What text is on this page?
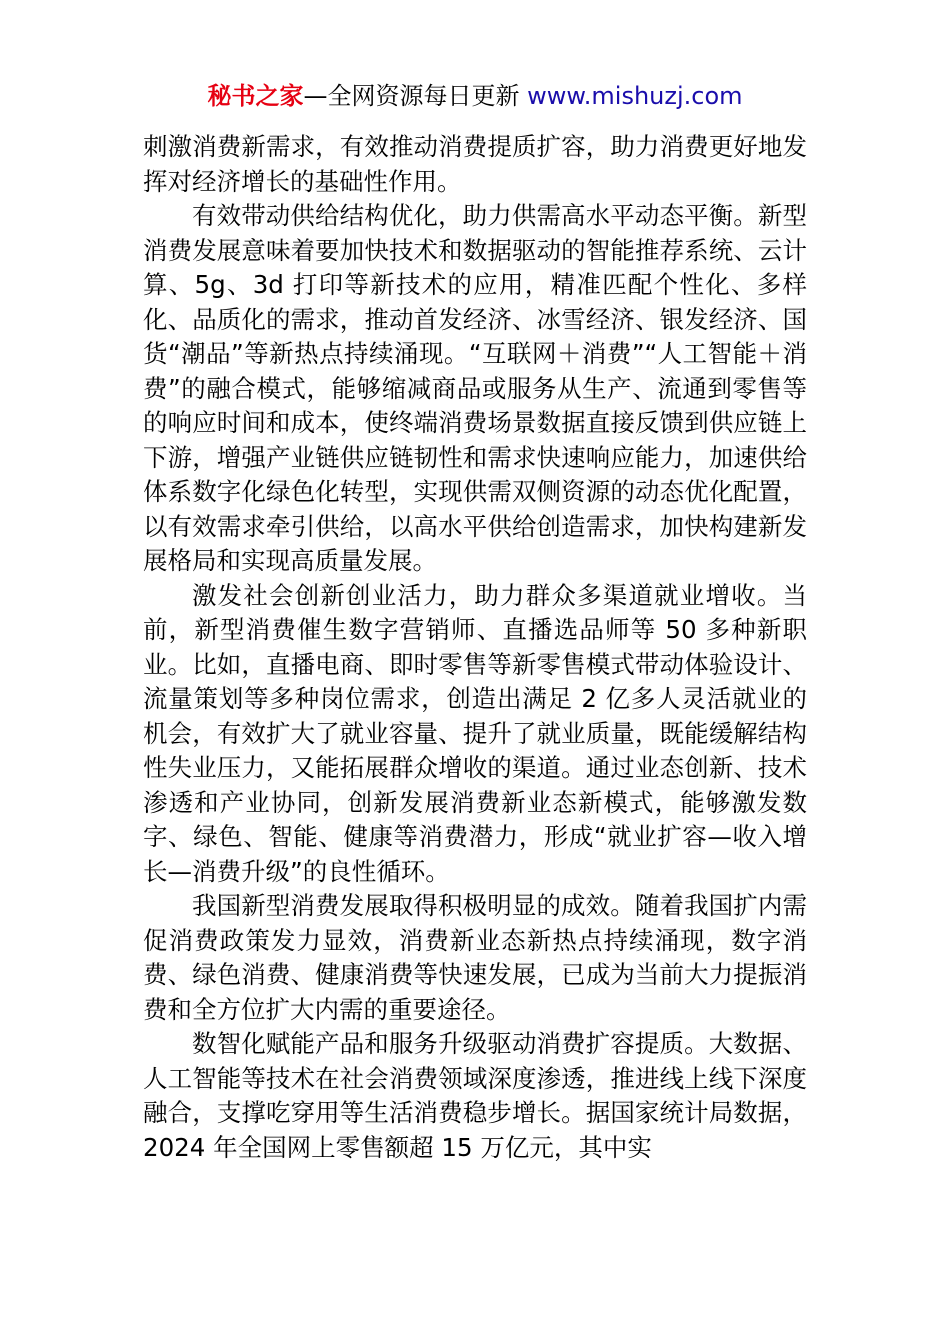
秘书之家—全网资源每日更新 www.mishuzj.com

刺激消费新需求，有效推动消费提质扩容，助力消费更好地发挥对经济增长的基础性作用。

有效带动供给结构优化，助力供需高水平动态平衡。新型消费发展意味着要加快技术和数据驱动的智能推荐系统、云计算、5g、3d 打印等新技术的应用，精准匹配个性化、多样化、品质化的需求，推动首发经济、冰雪经济、银发经济、国货“潮品”等新热点持续涌现。“互联网＋消费”“人工智能＋消费”的融合模式，能够缩减商品或服务从生产、流通到零售等的响应时间和成本，使终端消费场景数据直接反馈到供应链上下游，增强产业链供应链韧性和需求快速响应能力，加速供给体系数字化绿色化转型，实现供需双侧资源的动态优化配置，以有效需求牵引供给，以高水平供给创造需求，加快构建新发展格局和实现高质量发展。

激发社会创新创业活力，助力群众多渠道就业增收。当前，新型消费催生数字营销师、直播选品师等 50 多种新职业。比如，直播电商、即时零售等新零售模式带动体验设计、流量策划等多种岗位需求，创造出满足 2 亿多人灵活就业的机会，有效扩大了就业容量、提升了就业质量，既能缓解结构性失业压力，又能拓展群众增收的渠道。通过业态创新、技术渗透和产业协同，创新发展消费新业态新模式，能够激发数字、绿色、智能、健康等消费潜力，形成“就业扩容—收入增长—消费升级”的良性循环。

我国新型消费发展取得积极明显的成效。随着我国扩内需促消费政策发力显效，消费新业态新热点持续涌现，数字消费、绿色消费、健康消费等快速发展，已成为当前大力提振消费和全方位扩大内需的重要途径。

数智化赋能产品和服务升级驱动消费扩容提质。大数据、人工智能等技术在社会消费领域深度渗透，推进线上线下深度融合，支撑吃穿用等生活消费稳步增长。据国家统计局数据，2024 年全国网上零售额超 15 万亿元，其中实
